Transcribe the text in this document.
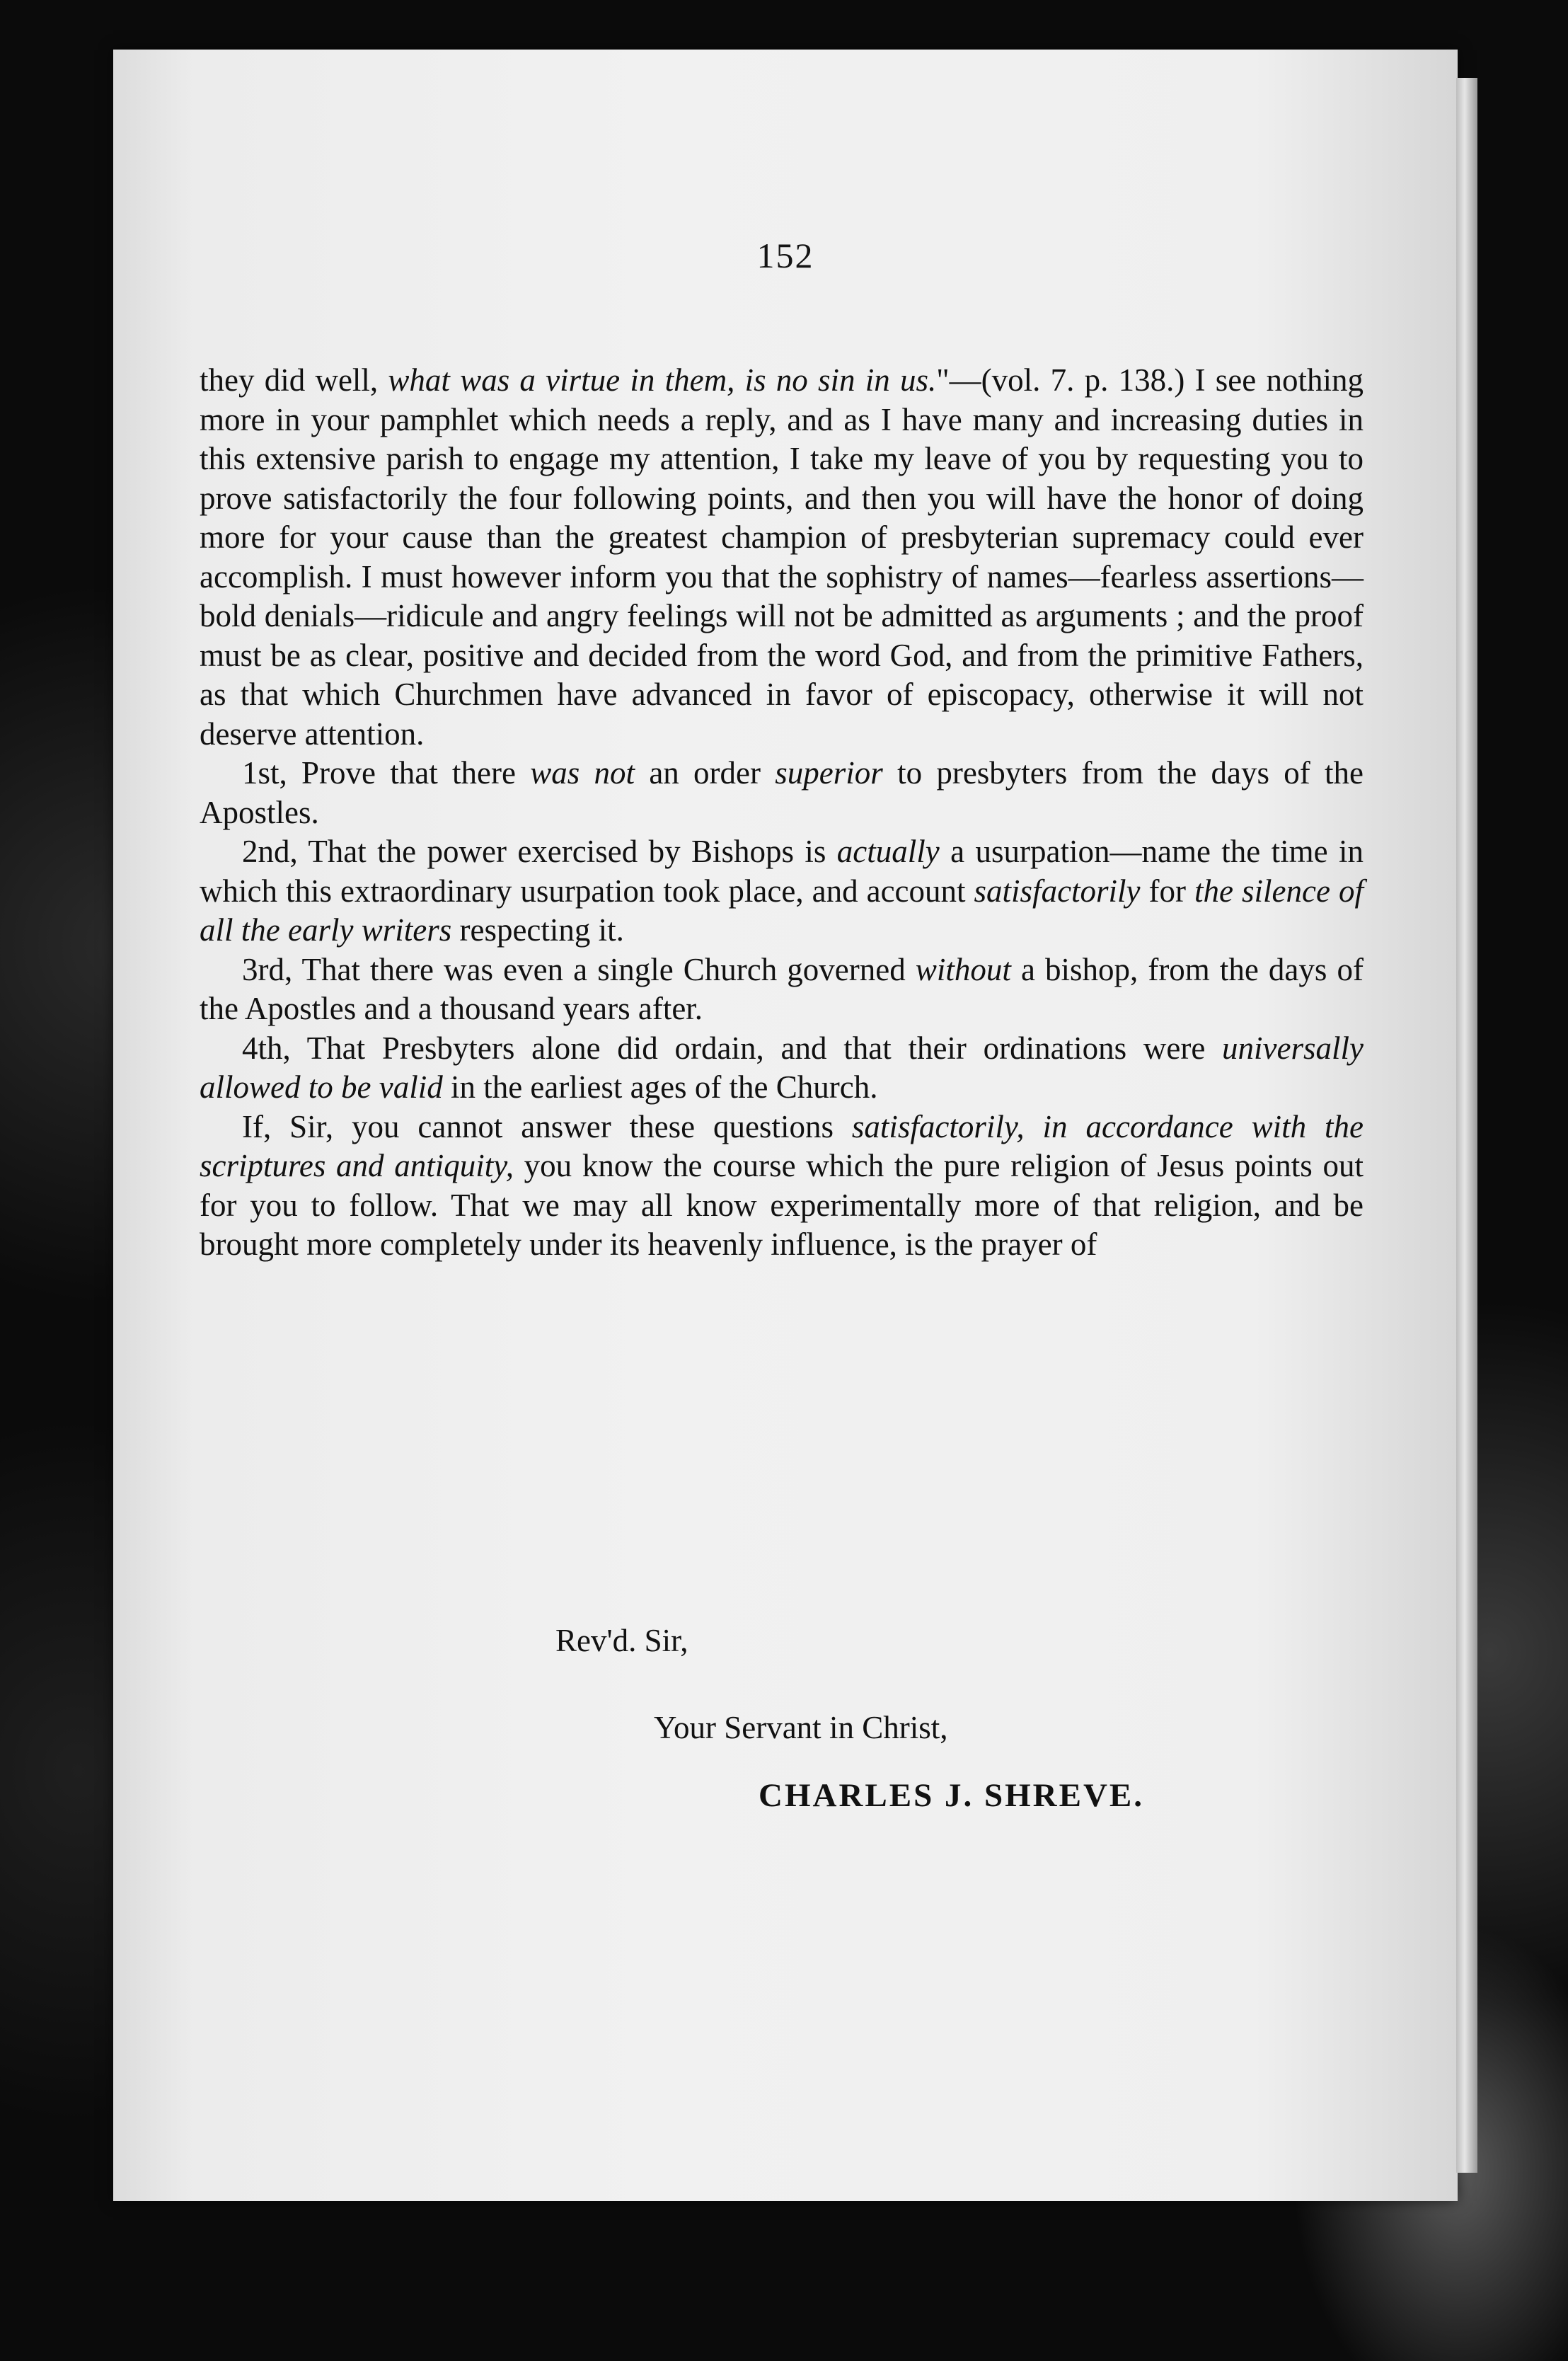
152

they did well, what was a virtue in them, is no sin in us."—(vol. 7. p. 138.) I see nothing more in your pamphlet which needs a reply, and as I have many and increasing duties in this extensive parish to engage my attention, I take my leave of you by requesting you to prove satisfactorily the four following points, and then you will have the honor of doing more for your cause than the greatest champion of presbyterian supremacy could ever accomplish. I must however inform you that the sophistry of names—fearless assertions—bold denials—ridicule and angry feelings will not be admitted as arguments ; and the proof must be as clear, positive and decided from the word God, and from the primitive Fathers, as that which Churchmen have advanced in favor of episcopacy, otherwise it will not deserve attention.

1st, Prove that there was not an order superior to presbyters from the days of the Apostles.

2nd, That the power exercised by Bishops is actually a usurpation—name the time in which this extraordinary usurpation took place, and account satisfactorily for the silence of all the early writers respecting it.

3rd, That there was even a single Church governed without a bishop, from the days of the Apostles and a thousand years after.

4th, That Presbyters alone did ordain, and that their ordinations were universally allowed to be valid in the earliest ages of the Church.

If, Sir, you cannot answer these questions satisfactorily, in accordance with the scriptures and antiquity, you know the course which the pure religion of Jesus points out for you to follow. That we may all know experimentally more of that religion, and be brought more completely under its heavenly influence, is the prayer of

Rev'd. Sir,
Your Servant in Christ,
CHARLES J. SHREVE.
